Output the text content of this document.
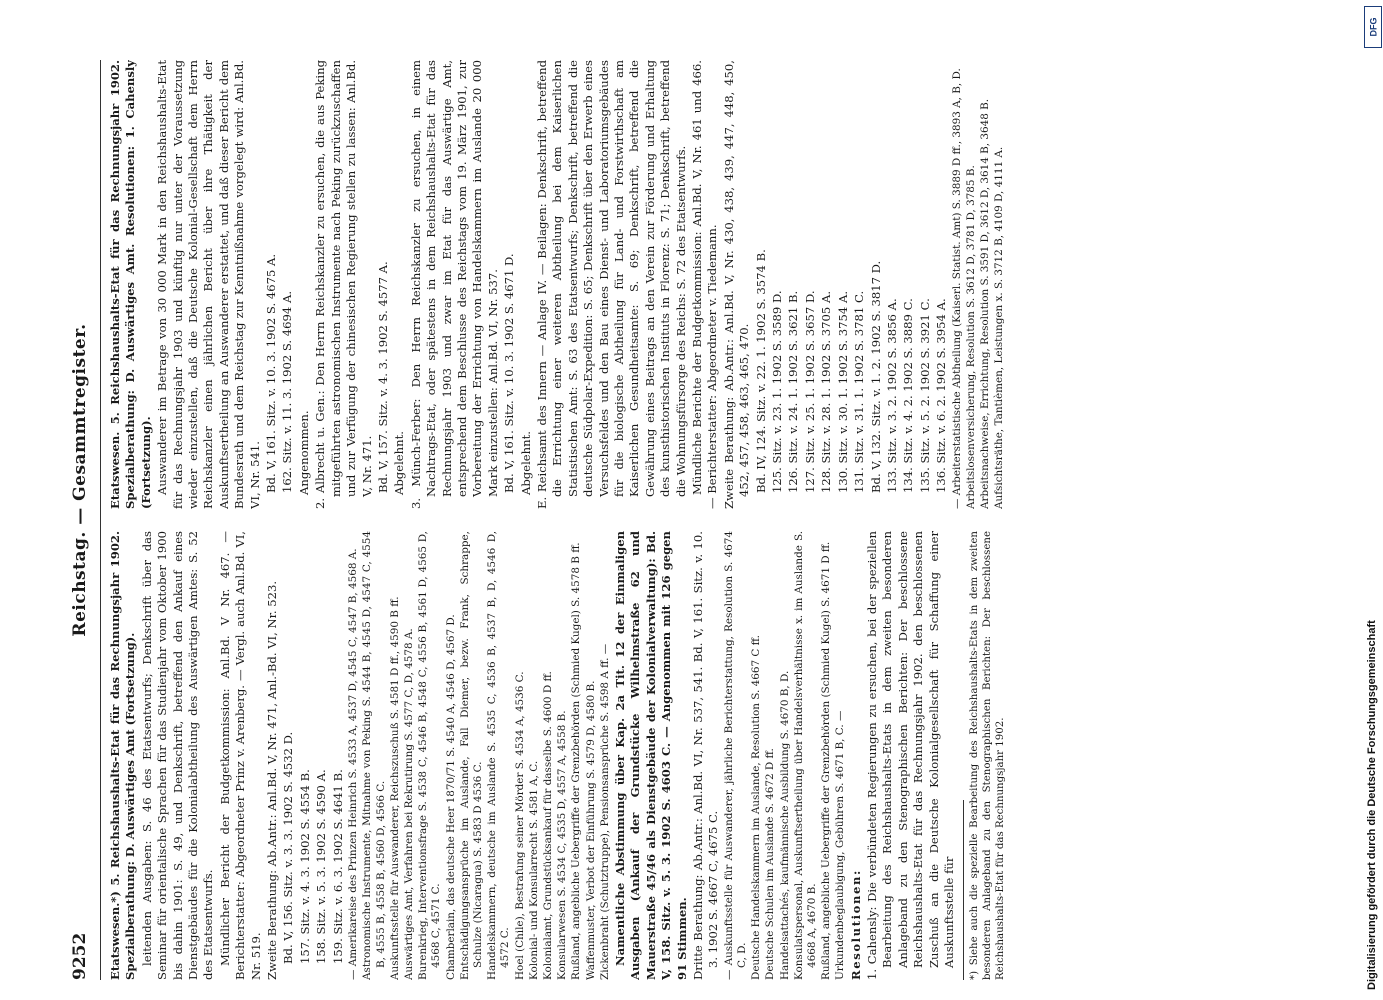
9252
Reichstag. — Gesammtregister.

Etatswesen.*) 5. Reichshaushalts-Etat für das Rechnungsjahr 1902. Spezialberathung: D. Auswärtiges Amt (Fortsetzung). leitenden Ausgaben: S. 46 des Etatsentwurfs; Denkschrift über das Seminar für orientalische Sprachen für das Studienjahr vom Oktober 1900 bis dahin 1901: S. 49, und Denkschrift, betreffend den Ankauf eines Dienstgebäudes für die Kolonialabtheilung des Auswärtigen Amtes: S. 52 des Etatsentwurfs. Mündlicher Bericht der Budgetkommission: Anl.Bd. V Nr. 467. — Berichterstatter: Abgeordneter Prinz v. Arenberg. — Vergl. auch Anl.Bd. VI, Nr. 519. Zweite Berathung: Ab.Antr.: Anl.Bd. V, Nr. 471, Anl.-Bd. VI, Nr. 523. Bd. V, 156. Sitz. v. 3. 3. 1902 S. 4532 D. 157. Sitz. v. 4. 3. 1902 S. 4554 B. 158. Sitz. v. 5. 3. 1902 S. 4590 A. 159. Sitz. v. 6. 3. 1902 S. 4641 B. — Amerikareise des Prinzen Heinrich S. 4533 A, 4537 D, 4545 C, 4547 B, 4568 A. Astronomische Instrumente, Mitnahme von Peking S. 4544 B, 4545 D, 4547 C, 4554 B, 4555 B, 4558 B, 4560 D, 4566 C. Auskunftsstelle für Auswanderer, Reichszuschuß S. 4581 D ff., 4590 B ff. Auswärtiges Amt, Verfahren bei Rekrutirung S. 4577 C, D, 4578 A. Burenkrieg, Interventionsfrage S. 4538 C, 4546 B, 4548 C, 4556 B, 4561 D, 4565 D, 4568 C, 4571 C. Chamberlain, das deutsche Heer 1870/71 S. 4540 A, 4546 D, 4567 D. Entschädigungsansprüche im Auslande, Fall Diemer, bezw. Frank, Schrappe, Schulze (Nicaragua) S. 4583 D 4536 C. Handelskammern, deutsche im Auslande S. 4535 C, 4536 B, 4537 B, D, 4546 D, 4572 C. Hoel (Chile), Bestrafung seiner Mörder S. 4534 A, 4536 C. Kolonial- und Konsularrecht S. 4581 A, C. Kolonialamt, Grundstücksankauf für dasselbe S. 4600 D ff. Konsularwesen S. 4534 C, 4535 D, 4557 A, 4558 B. Rußland, angebliche Uebergriffe der Grenzbehörden (Schmied Kugel) S. 4578 B ff. Waffenmuster, Verbot der Einführung S. 4579 D, 4580 B. Zickenbraht (Schutztruppe), Pensionsansprüche S. 4598 A ff. — Namentliche Abstimmung über Kap. 2a Tit. 12 der Einmaligen Ausgaben (Ankauf der Grundstücke Wilhelmstraße 62 und Mauerstraße 45/46 als Dienstgebäude der Kolonialverwaltung): Bd. V, 158. Sitz. v. 5. 3. 1902 S. 4603 C. — Angenommen mit 126 gegen 91 Stimmen. Dritte Berathung: Ab.Antr.: Anl.Bd. VI, Nr. 537, 541. Bd. V, 161. Sitz. v. 10. 3. 1902 S. 4667 C, 4675 C. — Auskunftsstelle für Auswanderer, jährliche Berichterstattung, Resolution S. 4674 C, D. Deutsche Handelskammern im Auslande, Resolution S. 4667 C ff. Deutsche Schulen im Auslande S. 4672 D ff. Handelsattachés, kaufmännische Ausbildung S. 4670 B, D. Konsulatspersonal, Auskunftsertheilung über Handelsverhältnisse x. im Auslande S. 4668 A, 4670 B. Rußland, angebliche Uebergriffe der Grenzbehörden (Schmied Kugel) S. 4671 D ff. Urkundenbeglaubigung, Gebühren S. 4671 B, C. — Resolutionen: 1. Cahensly: Die verbündeten Regierungen zu ersuchen, bei der speziellen Bearbeitung des Reichshaushalts-Etats in dem zweiten besonderen Anlageband zu den Stenographischen Berichten: Der beschlossene Reichshaushalts-Etat für das Rechnungsjahr 1902. den beschlossenen Zuschuß an die Deutsche Kolonialgesellschaft für Schaffung einer Auskunftsstelle für *) Siehe auch die spezielle Bearbeitung des Reichshaushalts-Etats in dem zweiten besonderen Anlageband zu den Stenographischen Berichten: Der beschlossene Reichshaushalts-Etat für das Rechnungsjahr 1902.

Etatswesen. 5. Reichshaushalts-Etat für das Rechnungsjahr 1902. Spezialberathung: D. Auswärtiges Amt. Resolutionen: 1. Cahensly (Fortsetzung). Auswanderer im Betrage von 30 000 Mark in den Reichshaushalts-Etat für das Rechnungsjahr 1903 und künftig nur unter der Voraussetzung wieder einzustellen, daß die Deutsche Kolonial-Gesellschaft dem Herrn Reichskanzler einen jährlichen Bericht über ihre Thätigkeit der Auskunftsertheilung an Auswanderer erstattet, und daß dieser Bericht dem Bundesrath und dem Reichstag zur Kenntnißnahme vorgelegt wird: Anl.Bd. VI, Nr. 541. Bd. V, 161. Sitz. v. 10. 3. 1902 S. 4675 A. 162. Sitz. v. 11. 3. 1902 S. 4694 A. Angenommen. 2. Albrecht u. Gen.: Den Herrn Reichskanzler zu ersuchen, die aus Peking mitgeführten astronomischen Instrumente nach Peking zurückzuschaffen und zur Verfügung der chinesischen Regierung stellen zu lassen: Anl.Bd. V, Nr. 471. Bd. V, 157. Sitz. v. 4. 3. 1902 S. 4577 A. Abgelehnt. 3. Münch-Ferber: Den Herrn Reichskanzler zu ersuchen, in einem Nachtrags-Etat, oder spätestens in dem Reichshaushalts-Etat für das Rechnungsjahr 1903 und zwar im Etat für das Auswärtige Amt, entsprechend dem Beschlusse des Reichstags vom 19. März 1901, zur Vorbereitung der Errichtung von Handelskammern im Auslande 20 000 Mark einzustellen: Anl.Bd. VI, Nr. 537. Bd. V, 161. Sitz. v. 10. 3. 1902 S. 4671 D. Abgelehnt. E. Reichsamt des Innern — Anlage IV. — Beilagen: Denkschrift, betreffend die Errichtung einer weiteren Abtheilung bei dem Kaiserlichen Statistischen Amt: S. 63 des Etatsentwurfs; Denkschrift, betreffend die deutsche Südpolar-Expedition: S. 65; Denkschrift über den Erwerb eines Versuchsfeldes und den Bau eines Dienst- und Laboratoriumsgebäudes für die biologische Abtheilung für Land- und Forstwirthschaft am Kaiserlichen Gesundheitsamte: S. 69; Denkschrift, betreffend die Gewährung eines Beitrags an den Verein zur Förderung und Erhaltung des kunsthistorischen Instituts in Florenz: S. 71; Denkschrift, betreffend die Wohnungsfürsorge des Reichs: S. 72 des Etatsentwurfs. Mündliche Berichte der Budgetkommission: Anl.Bd. V, Nr. 461 und 466. — Berichterstatter: Abgeordneter v. Tiedemann. Zweite Berathung: Ab.Antr.: Anl.Bd. V, Nr. 430, 438, 439, 447, 448, 450, 452, 457, 458, 463, 465, 470. Bd. IV, 124. Sitz. v. 22. 1. 1902 S. 3574 B. 125. Sitz. v. 23. 1. 1902 S. 3589 D. 126. Sitz. v. 24. 1. 1902 S. 3621 B. 127. Sitz. v. 25. 1. 1902 S. 3657 D. 128. Sitz. v. 28. 1. 1902 S. 3705 A. 130. Sitz. v. 30. 1. 1902 S. 3754 A. 131. Sitz. v. 31. 1. 1902 S. 3781 C. Bd. V, 132. Sitz. v. 1. 2. 1902 S. 3817 D. 133. Sitz. v. 3. 2. 1902 S. 3856 A. 134. Sitz. v. 4. 2. 1902 S. 3889 C. 135. Sitz. v. 5. 2. 1902 S. 3921 C. 136. Sitz. v. 6. 2. 1902 S. 3954 A. — Arbeiterstatistische Abtheilung (Kaiserl. Statist. Amt) S. 3889 D ff., 3893 A, B, D. Arbeitslosenversicherung, Resolution S. 3612 D, 3781 D, 3785 B. Arbeitsnachweise, Errichtung, Resolution S. 3591 D, 3612 D, 3614 B, 3648 B. Aufsichtsräthe, Tantièmen, Leistungen x. S. 3712 B, 4109 D, 4111 A.

DFG
Digitalisierung gefördert durch die Deutsche Forschungsgemeinschaft
